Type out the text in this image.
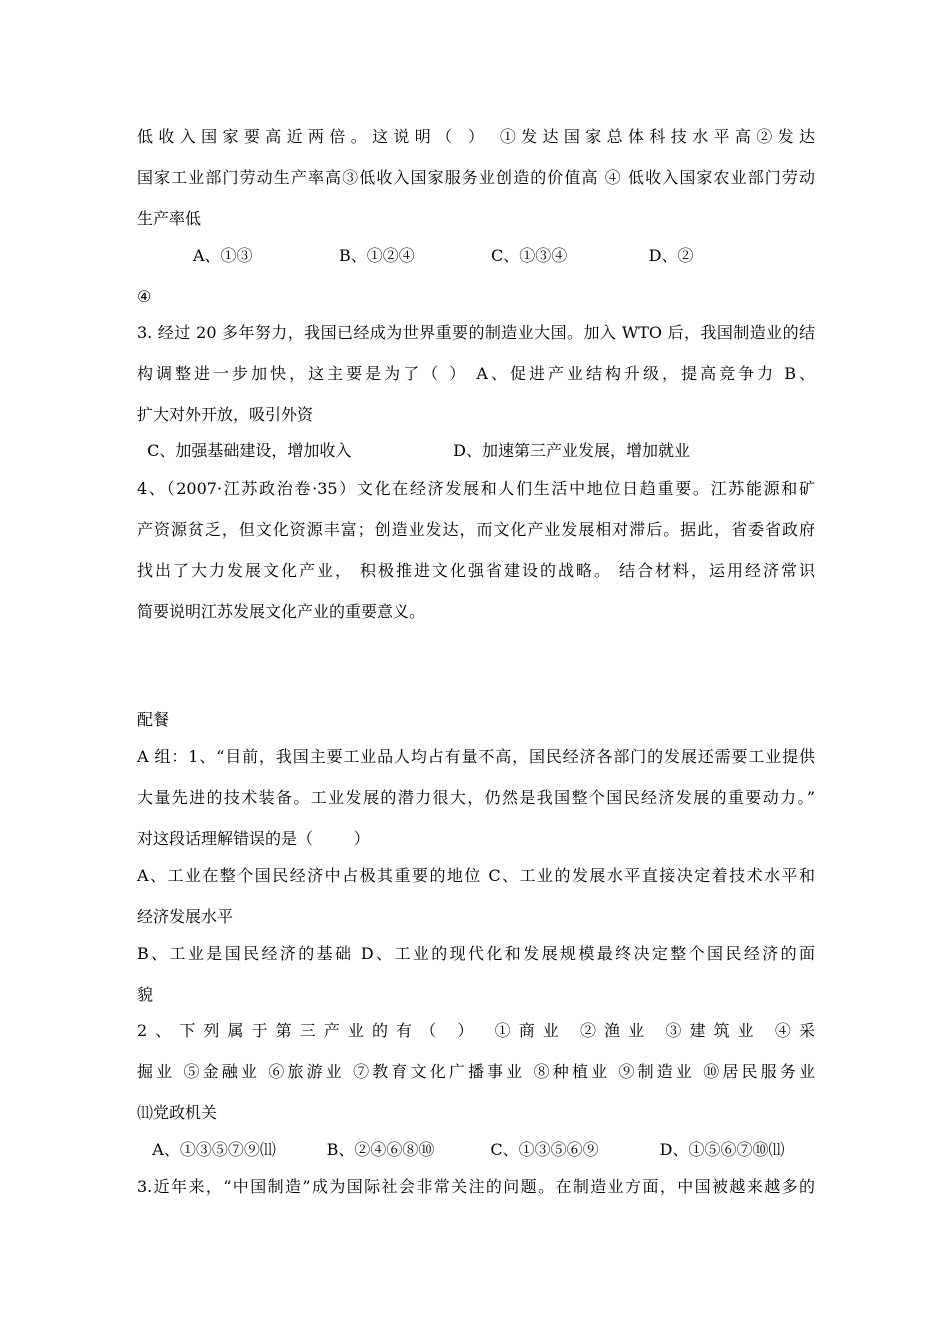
低收入国家要高近两倍。这说明（ ） ①发达国家总体科技水平高②发达
国家工业部门劳动生产率高③低收入国家服务业创造的价值高 ④ 低收入国家农业部门劳动
生产率低
A、①③                 B、①②④               C、①③④                D、②
④
3. 经过 20 多年努力，我国已经成为世界重要的制造业大国。加入 WTO 后，我国制造业的结
构调整进一步加快，这主要是为了（ ） A、促进产业结构升级，提高竞争力 B、
扩大对外开放，吸引外资
C、加强基础建设，增加收入                    D、加速第三产业发展，增加就业
4、（2007·江苏政治卷·35）文化在经济发展和人们生活中地位日趋重要。江苏能源和矿
产资源贫乏，但文化资源丰富；创造业发达，而文化产业发展相对滞后。据此，省委省政府
找出了大力发展文化产业， 积极推进文化强省建设的战略。 结合材料，运用经济常识
简要说明江苏发展文化产业的重要意义。
配餐
A 组：1、“目前，我国主要工业品人均占有量不高，国民经济各部门的发展还需要工业提供
大量先进的技术装备。工业发展的潜力很大，仍然是我国整个国民经济发展的重要动力。”
对这段话理解错误的是（        ）
A、工业在整个国民经济中占极其重要的地位 C、工业的发展水平直接决定着技术水平和
经济发展水平
B、工业是国民经济的基础 D、工业的现代化和发展规模最终决定整个国民经济的面
貌
2、下列属于第三产业的有（ ） ①商业 ②渔业 ③建筑业 ④采
掘业 ⑤金融业 ⑥旅游业 ⑦教育文化广播事业 ⑧种植业 ⑨制造业 ⑩居民服务业
⑾党政机关
A、①③⑤⑦⑨⑾          B、②④⑥⑧⑩           C、①③⑤⑥⑨            D、①⑤⑥⑦⑩⑾
3.近年来，“中国制造”成为国际社会非常关注的问题。在制造业方面，中国被越来越多的
